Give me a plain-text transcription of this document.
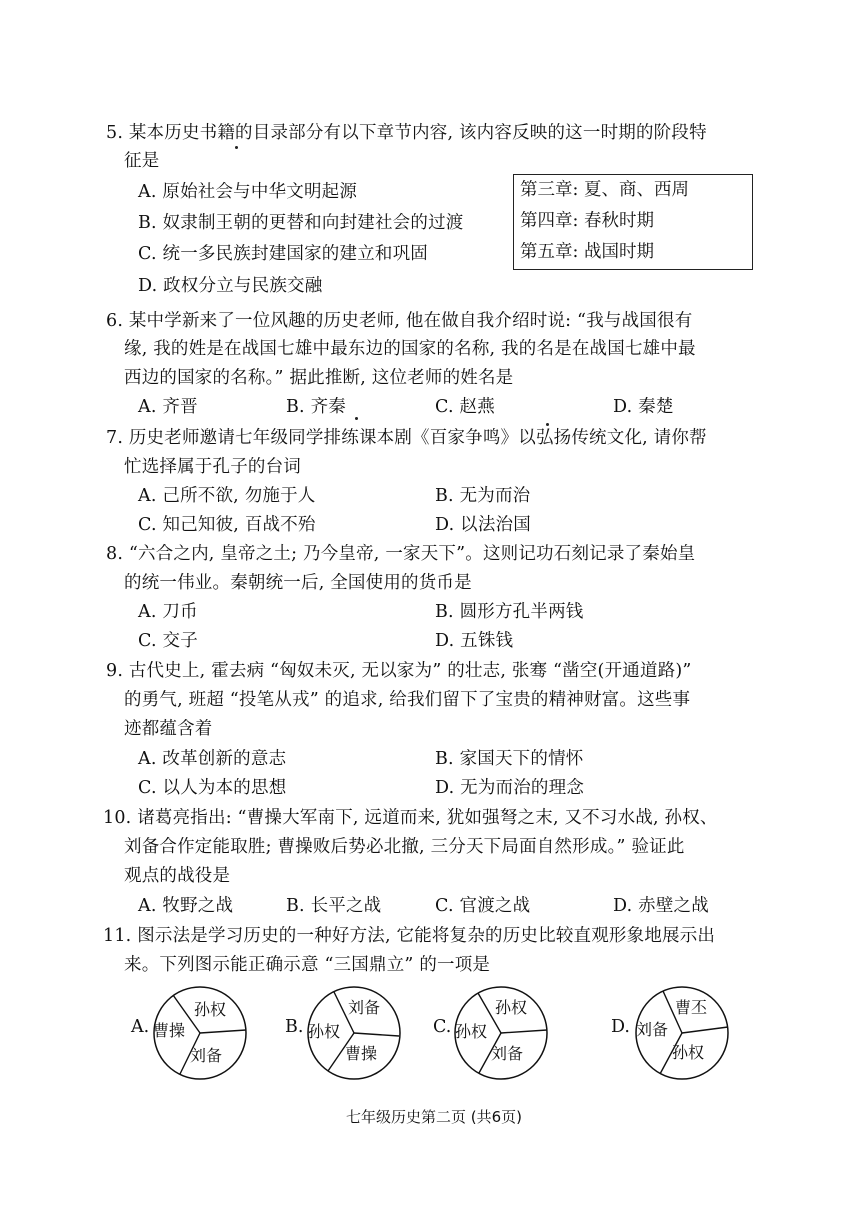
5. 某本历史书籍的目录部分有以下章节内容, 该内容反映的这一时期的阶段特
征是
A. 原始社会与中华文明起源
B. 奴隶制王朝的更替和向封建社会的过渡
C. 统一多民族封建国家的建立和巩固
D. 政权分立与民族交融
第三章: 夏、商、西周
第四章: 春秋时期
第五章: 战国时期
6. 某中学新来了一位风趣的历史老师, 他在做自我介绍时说: “我与战国很有
缘, 我的姓是在战国七雄中最东边的国家的名称, 我的名是在战国七雄中最
西边的国家的名称。” 据此推断, 这位老师的姓名是
A. 齐晋	B. 齐秦	C. 赵燕	D. 秦楚
7. 历史老师邀请七年级同学排练课本剧《百家争鸣》以弘扬传统文化, 请你帮
忙选择属于孔子的台词
A. 己所不欲, 勿施于人	B. 无为而治
C. 知己知彼, 百战不殆	D. 以法治国
8. “六合之内, 皇帝之土; 乃今皇帝, 一家天下”。这则记功石刻记录了秦始皇
的统一伟业。秦朝统一后, 全国使用的货币是
A. 刀币	B. 圆形方孔半两钱
C. 交子	D. 五铢钱
9. 古代史上, 霍去病 “匈奴未灭, 无以家为” 的壮志, 张骞 “凿空(开通道路)”
的勇气, 班超 “投笔从戎” 的追求, 给我们留下了宝贵的精神财富。这些事
迹都蕴含着
A. 改革创新的意志	B. 家国天下的情怀
C. 以人为本的思想	D. 无为而治的理念
10. 诸葛亮指出: “曹操大军南下, 远道而来, 犹如强弩之末, 又不习水战, 孙权、
刘备合作定能取胜; 曹操败后势必北撤, 三分天下局面自然形成。” 验证此
观点的战役是
A. 牧野之战	B. 长平之战	C. 官渡之战	D. 赤壁之战
11. 图示法是学习历史的一种好方法, 它能将复杂的历史比较直观形象地展示出
来。下列图示能正确示意 “三国鼎立” 的一项是
A.
孙权
刘备
曹操	B.
刘备
曹操
孙权	C.
孙权
刘备
孙权	D.
曹丕
孙权
刘备
七年级历史第二页 (共6页)
